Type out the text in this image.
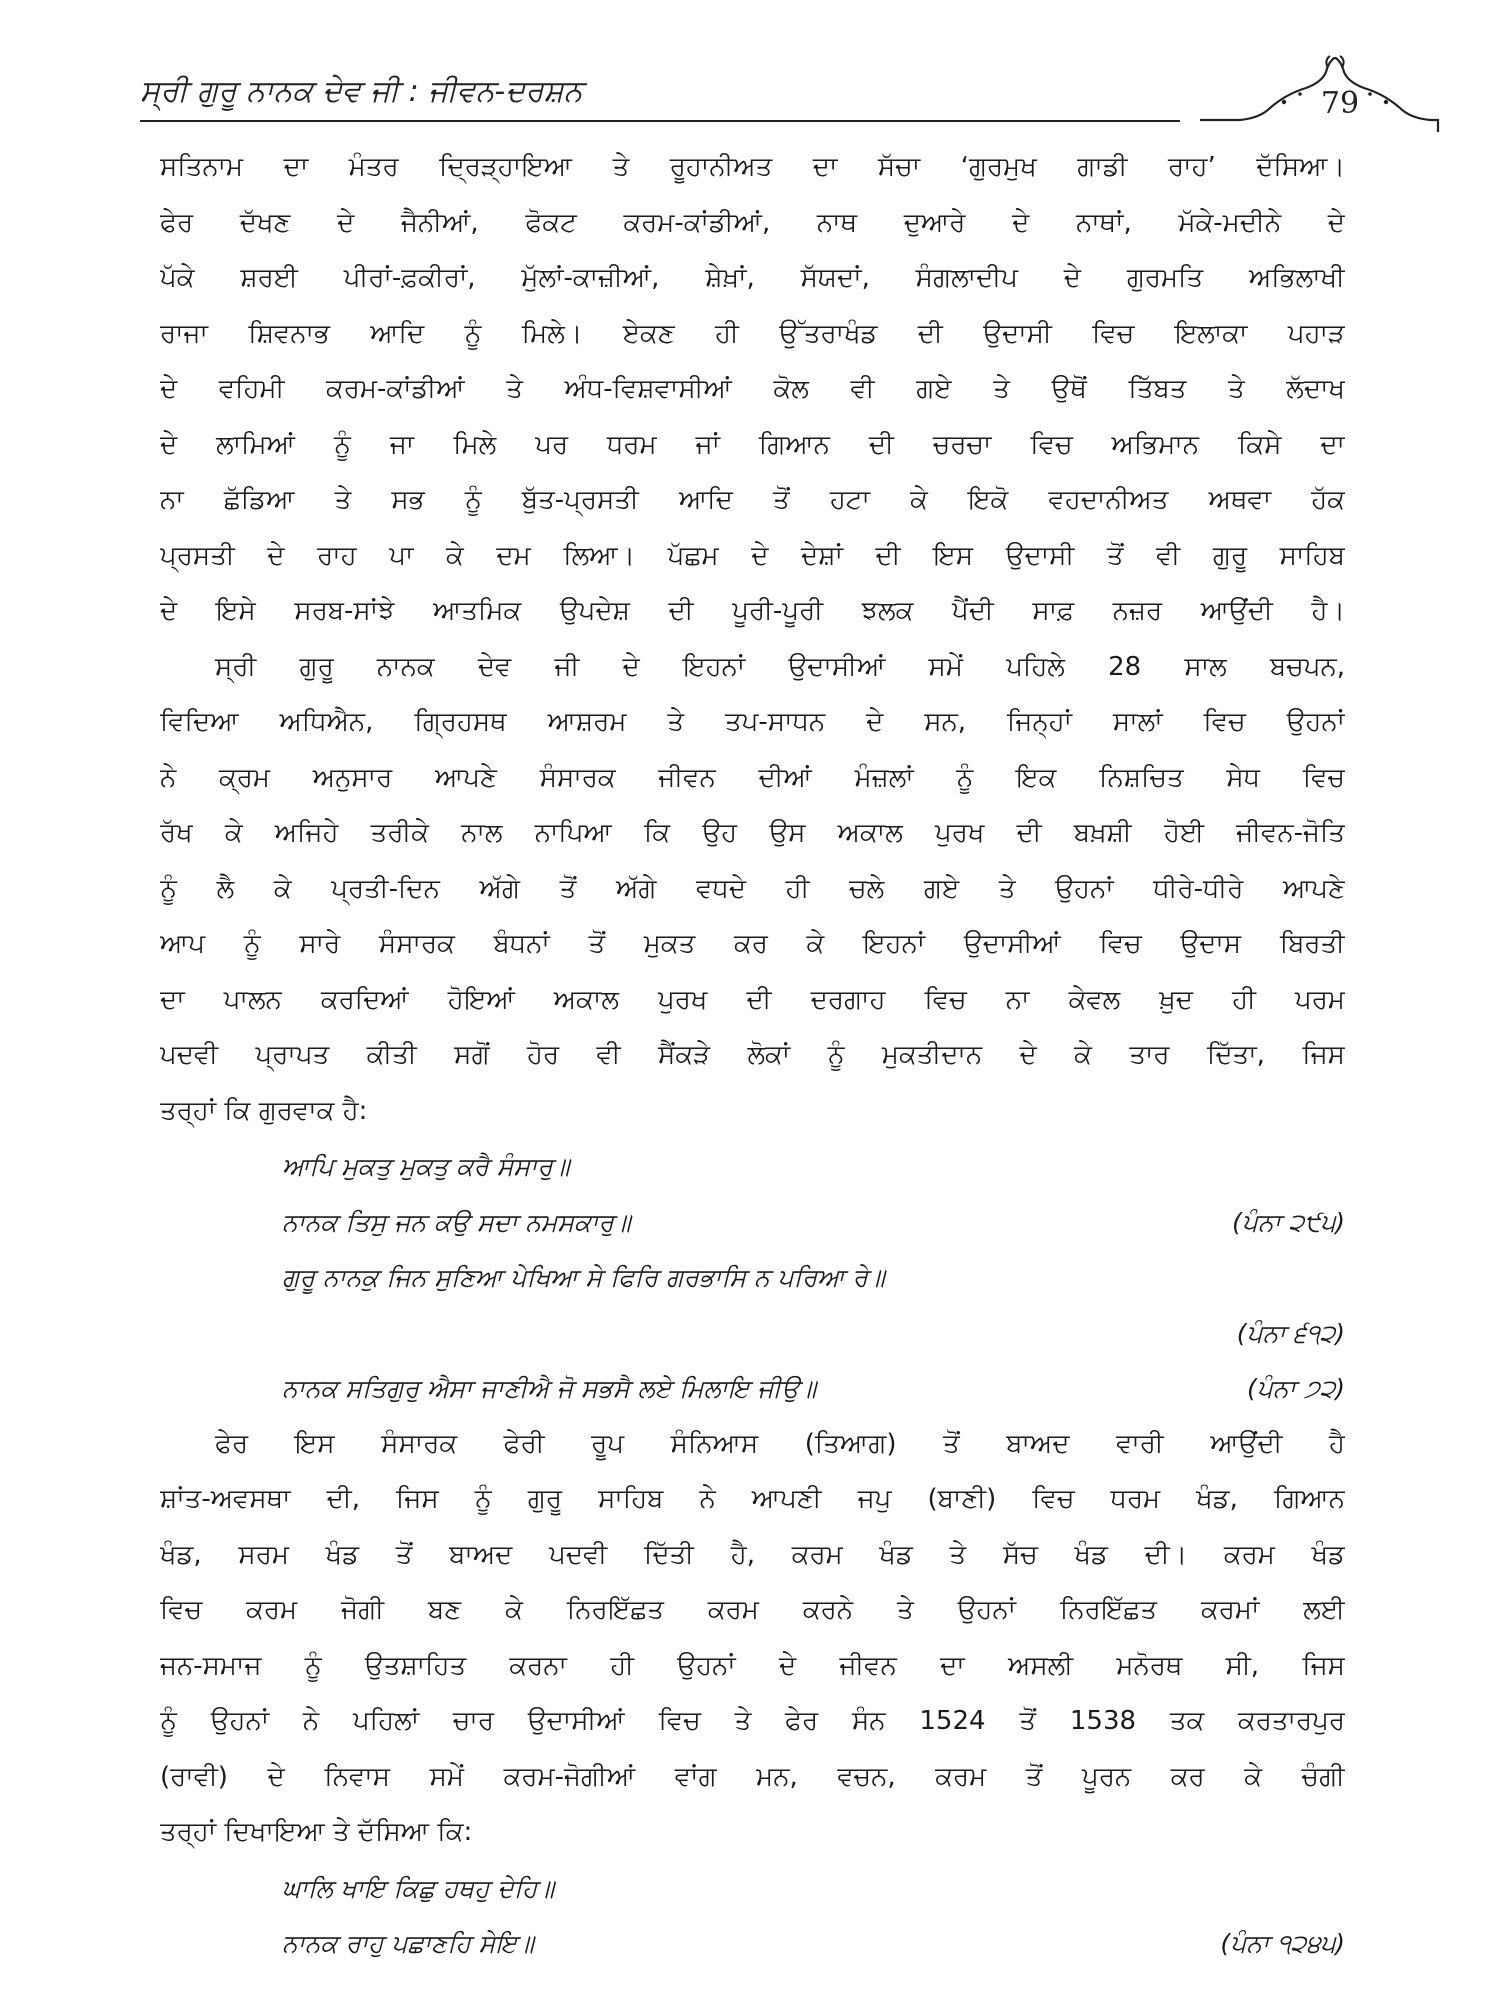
ਸ੍ਰੀ ਗੁਰੂ ਨਾਨਕ ਦੇਵ ਜੀ : ਜੀਵਨ-ਦਰਸ਼ਨ	79
ਸਤਿਨਾਮ ਦਾ ਮੰਤਰ ਦ੍ਰਿੜ੍ਹਾਇਆ ਤੇ ਰੂਹਾਨੀਅਤ ਦਾ ਸੱਚਾ ‘ਗੁਰਮੁਖ ਗਾਡੀ ਰਾਹ’ ਦੱਸਿਆ।
ਫੇਰ ਦੱਖਣ ਦੇ ਜੈਨੀਆਂ, ਫੋਕਟ ਕਰਮ-ਕਾਂਡੀਆਂ, ਨਾਥ ਦੁਆਰੇ ਦੇ ਨਾਥਾਂ, ਮੱਕੇ-ਮਦੀਨੇ ਦੇ
ਪੱਕੇ ਸ਼ਰਈ ਪੀਰਾਂ-ਫ਼ਕੀਰਾਂ, ਮੁੱਲਾਂ-ਕਾਜ਼ੀਆਂ, ਸ਼ੇਖ਼ਾਂ, ਸੱਯਦਾਂ, ਸੰਗਲਾਦੀਪ ਦੇ ਗੁਰਮਤਿ ਅਭਿਲਾਖੀ
ਰਾਜਾ ਸ਼ਿਵਨਾਭ ਆਦਿ ਨੂੰ ਮਿਲੇ। ਏਕਣ ਹੀ ਉੱਤਰਾਖੰਡ ਦੀ ਉਦਾਸੀ ਵਿਚ ਇਲਾਕਾ ਪਹਾੜ
ਦੇ ਵਹਿਮੀ ਕਰਮ-ਕਾਂਡੀਆਂ ਤੇ ਅੰਧ-ਵਿਸ਼ਵਾਸੀਆਂ ਕੋਲ ਵੀ ਗਏ ਤੇ ਉਥੋਂ ਤਿੱਬਤ ਤੇ ਲੱਦਾਖ
ਦੇ ਲਾਮਿਆਂ ਨੂੰ ਜਾ ਮਿਲੇ ਪਰ ਧਰਮ ਜਾਂ ਗਿਆਨ ਦੀ ਚਰਚਾ ਵਿਚ ਅਭਿਮਾਨ ਕਿਸੇ ਦਾ
ਨਾ ਛੱਡਿਆ ਤੇ ਸਭ ਨੂੰ ਬੁੱਤ-ਪ੍ਰਸਤੀ ਆਦਿ ਤੋਂ ਹਟਾ ਕੇ ਇਕੋ ਵਹਦਾਨੀਅਤ ਅਥਵਾ ਹੱਕ
ਪ੍ਰਸਤੀ ਦੇ ਰਾਹ ਪਾ ਕੇ ਦਮ ਲਿਆ। ਪੱਛਮ ਦੇ ਦੇਸ਼ਾਂ ਦੀ ਇਸ ਉਦਾਸੀ ਤੋਂ ਵੀ ਗੁਰੂ ਸਾਹਿਬ
ਦੇ ਇਸੇ ਸਰਬ-ਸਾਂਝੇ ਆਤਮਿਕ ਉਪਦੇਸ਼ ਦੀ ਪੂਰੀ-ਪੂਰੀ ਝਲਕ ਪੈਂਦੀ ਸਾਫ਼ ਨਜ਼ਰ ਆਉਂਦੀ ਹੈ।
ਸ੍ਰੀ ਗੁਰੂ ਨਾਨਕ ਦੇਵ ਜੀ ਦੇ ਇਹਨਾਂ ਉਦਾਸੀਆਂ ਸਮੇਂ ਪਹਿਲੇ 28 ਸਾਲ ਬਚਪਨ,
ਵਿਦਿਆ ਅਧਿਐਨ, ਗ੍ਰਿਹਸਥ ਆਸ਼ਰਮ ਤੇ ਤਪ-ਸਾਧਨ ਦੇ ਸਨ, ਜਿਨ੍ਹਾਂ ਸਾਲਾਂ ਵਿਚ ਉਹਨਾਂ
ਨੇ ਕ੍ਰਮ ਅਨੁਸਾਰ ਆਪਣੇ ਸੰਸਾਰਕ ਜੀਵਨ ਦੀਆਂ ਮੰਜ਼ਲਾਂ ਨੂੰ ਇਕ ਨਿਸ਼ਚਿਤ ਸੇਧ ਵਿਚ
ਰੱਖ ਕੇ ਅਜਿਹੇ ਤਰੀਕੇ ਨਾਲ ਨਾਪਿਆ ਕਿ ਉਹ ਉਸ ਅਕਾਲ ਪੁਰਖ ਦੀ ਬਖ਼ਸ਼ੀ ਹੋਈ ਜੀਵਨ-ਜੋਤਿ
ਨੂੰ ਲੈ ਕੇ ਪ੍ਰਤੀ-ਦਿਨ ਅੱਗੇ ਤੋਂ ਅੱਗੇ ਵਧਦੇ ਹੀ ਚਲੇ ਗਏ ਤੇ ਉਹਨਾਂ ਧੀਰੇ-ਧੀਰੇ ਆਪਣੇ
ਆਪ ਨੂੰ ਸਾਰੇ ਸੰਸਾਰਕ ਬੰਧਨਾਂ ਤੋਂ ਮੁਕਤ ਕਰ ਕੇ ਇਹਨਾਂ ਉਦਾਸੀਆਂ ਵਿਚ ਉਦਾਸ ਬਿਰਤੀ
ਦਾ ਪਾਲਨ ਕਰਦਿਆਂ ਹੋਇਆਂ ਅਕਾਲ ਪੁਰਖ ਦੀ ਦਰਗਾਹ ਵਿਚ ਨਾ ਕੇਵਲ ਖ਼ੁਦ ਹੀ ਪਰਮ
ਪਦਵੀ ਪ੍ਰਾਪਤ ਕੀਤੀ ਸਗੋਂ ਹੋਰ ਵੀ ਸੈਂਕੜੇ ਲੋਕਾਂ ਨੂੰ ਮੁਕਤੀਦਾਨ ਦੇ ਕੇ ਤਾਰ ਦਿੱਤਾ, ਜਿਸ
ਤਰ੍ਹਾਂ ਕਿ ਗੁਰਵਾਕ ਹੈ:
ਆਪਿ ਮੁਕਤੁ ਮੁਕਤੁ ਕਰੈ ਸੰਸਾਰੁ॥
ਨਾਨਕ ਤਿਸੁ ਜਨ ਕਉ ਸਦਾ ਨਮਸਕਾਰੁ॥	(ਪੰਨਾ ੨੯੫)
ਗੁਰੂ ਨਾਨਕੁ ਜਿਨ ਸੁਣਿਆ ਪੇਖਿਆ ਸੇ ਫਿਰਿ ਗਰਭਾਸਿ ਨ ਪਰਿਆ ਰੇ॥
(ਪੰਨਾ ੬੧੨)
ਨਾਨਕ ਸਤਿਗੁਰੁ ਐਸਾ ਜਾਣੀਐ ਜੋ ਸਭਸੈ ਲਏ ਮਿਲਾਇ ਜੀਉ॥	(ਪੰਨਾ ੭੨)
ਫੇਰ ਇਸ ਸੰਸਾਰਕ ਫੇਰੀ ਰੂਪ ਸੰਨਿਆਸ (ਤਿਆਗ) ਤੋਂ ਬਾਅਦ ਵਾਰੀ ਆਉਂਦੀ ਹੈ
ਸ਼ਾਂਤ-ਅਵਸਥਾ ਦੀ, ਜਿਸ ਨੂੰ ਗੁਰੂ ਸਾਹਿਬ ਨੇ ਆਪਣੀ ਜਪੁ (ਬਾਣੀ) ਵਿਚ ਧਰਮ ਖੰਡ, ਗਿਆਨ
ਖੰਡ, ਸਰਮ ਖੰਡ ਤੋਂ ਬਾਅਦ ਪਦਵੀ ਦਿੱਤੀ ਹੈ, ਕਰਮ ਖੰਡ ਤੇ ਸੱਚ ਖੰਡ ਦੀ। ਕਰਮ ਖੰਡ
ਵਿਚ ਕਰਮ ਜੋਗੀ ਬਣ ਕੇ ਨਿਰਇੱਛਤ ਕਰਮ ਕਰਨੇ ਤੇ ਉਹਨਾਂ ਨਿਰਇੱਛਤ ਕਰਮਾਂ ਲਈ
ਜਨ-ਸਮਾਜ ਨੂੰ ਉਤਸ਼ਾਹਿਤ ਕਰਨਾ ਹੀ ਉਹਨਾਂ ਦੇ ਜੀਵਨ ਦਾ ਅਸਲੀ ਮਨੋਰਥ ਸੀ, ਜਿਸ
ਨੂੰ ਉਹਨਾਂ ਨੇ ਪਹਿਲਾਂ ਚਾਰ ਉਦਾਸੀਆਂ ਵਿਚ ਤੇ ਫੇਰ ਸੰਨ 1524 ਤੋਂ 1538 ਤਕ ਕਰਤਾਰਪੁਰ
(ਰਾਵੀ) ਦੇ ਨਿਵਾਸ ਸਮੇਂ ਕਰਮ-ਜੋਗੀਆਂ ਵਾਂਗ ਮਨ, ਵਚਨ, ਕਰਮ ਤੋਂ ਪੂਰਨ ਕਰ ਕੇ ਚੰਗੀ
ਤਰ੍ਹਾਂ ਦਿਖਾਇਆ ਤੇ ਦੱਸਿਆ ਕਿ:
ਘਾਲਿ ਖਾਇ ਕਿਛੁ ਹਥਹੁ ਦੇਹਿ॥
ਨਾਨਕ ਰਾਹੁ ਪਛਾਣਹਿ ਸੇਇ॥	(ਪੰਨਾ ੧੨੪੫)
